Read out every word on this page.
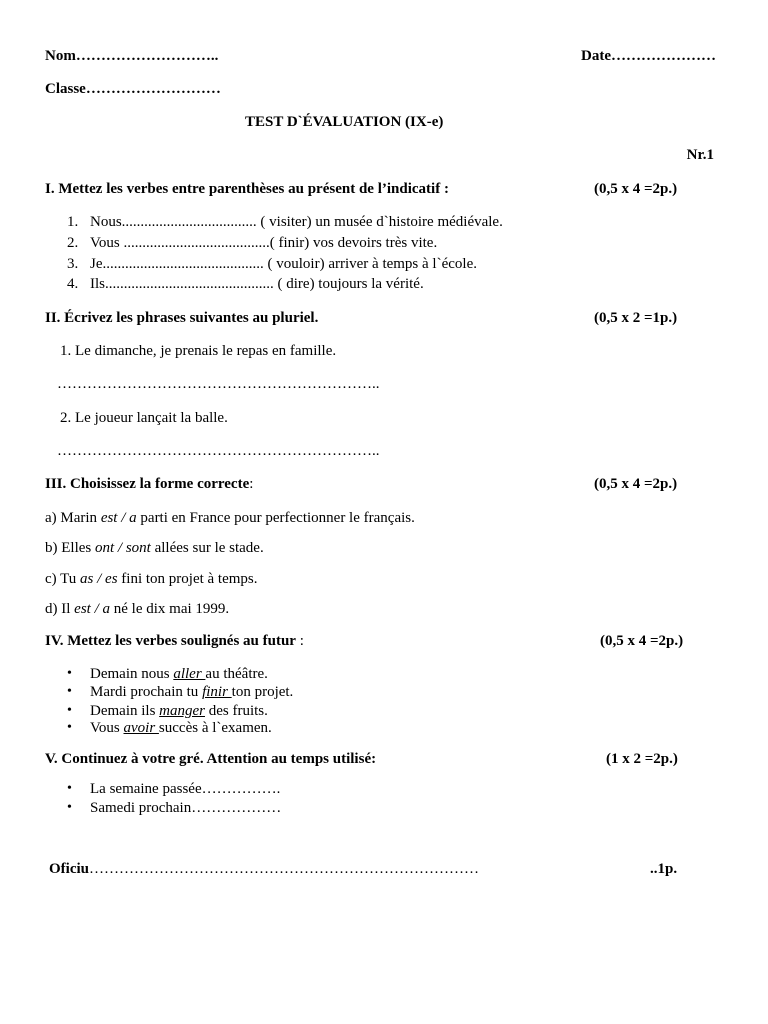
Nom………………………..	Date…………………
Classe………………………
TEST D`ÉVALUATION (IX-e)
Nr.1
I. Mettez les verbes entre parenthèses au présent de l’indicatif :	(0,5 x 4 =2p.)
1. Nous.................................... ( visiter) un musée d`histoire médiévale.
2. Vous .......................................( finir) vos devoirs très vite.
3. Je........................................... ( vouloir) arriver à temps à l`école.
4. Ils............................................. ( dire) toujours la vérité.
II. Écrivez les phrases suivantes au pluriel.	(0,5 x 2 =1p.)
1. Le dimanche, je prenais le repas en famille.
………………………………………………………..
2. Le joueur lançait la balle.
………………………………………………………..
III. Choisissez la forme correcte:	(0,5 x 4 =2p.)
a) Marin est / a parti en France pour perfectionner le français.
b) Elles ont / sont allées sur le stade.
c) Tu as / es fini ton projet à temps.
d) Il est / a né le dix mai 1999.
IV. Mettez les verbes soulignés au futur :	(0,5 x 4 =2p.)
• Demain nous aller au théâtre.
• Mardi prochain tu finir ton projet.
• Demain ils manger des fruits.
• Vous avoir succès à l`examen.
V. Continuez à votre gré. Attention au temps utilisé:	(1 x 2 =2p.)
• La semaine passée…………….
• Samedi prochain………………
Oficiu……………………………………………………………………	..1p.
